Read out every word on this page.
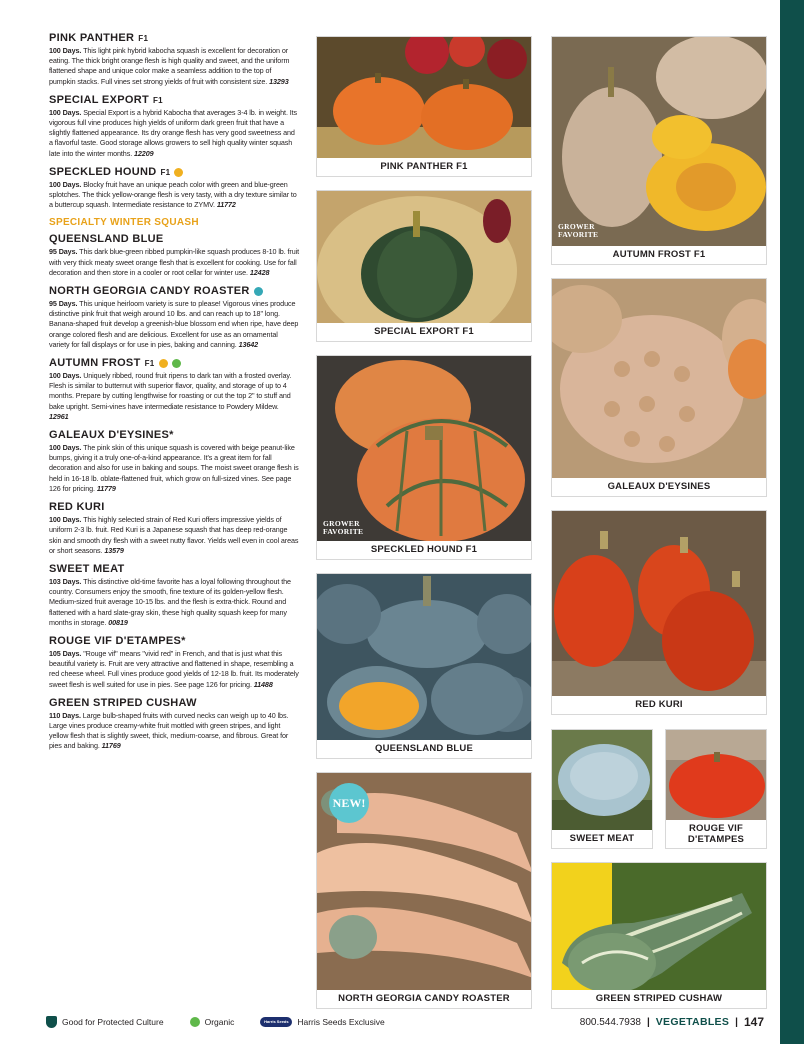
PINK PANTHER F1

100 Days. This light pink hybrid kabocha squash is excellent for decoration or eating. The thick bright orange flesh is high quality and sweet, and the uniform flattened shape and unique color make a seamless addition to the top of pumpkin stacks. Full vines set strong yields of fruit with consistent size. 13293

SPECIAL EXPORT F1

100 Days. Special Export is a hybrid Kabocha that averages 3-4 lb. in weight. Its vigorous full vine produces high yields of uniform dark green fruit that have a slightly flattened appearance. Its dry orange flesh has very good sweetness and a flavorful taste. Good storage allows growers to sell high quality winter squash late into the winter months. 12209

SPECKLED HOUND F1

100 Days. Blocky fruit have an unique peach color with green and blue-green splotches. The thick yellow-orange flesh is very tasty, with a dry texture similar to a buttercup squash. Intermediate resistance to ZYMV. 11772

SPECIALTY WINTER SQUASH
QUEENSLAND BLUE

95 Days. This dark blue-green ribbed pumpkin-like squash produces 8-10 lb. fruit with very thick meaty sweet orange flesh that is excellent for cooking. Use for fall decoration and then store in a cooler or root cellar for winter use. 12428

NORTH GEORGIA CANDY ROASTER

95 Days. This unique heirloom variety is sure to please! Vigorous vines produce distinctive pink fruit that weigh around 10 lbs. and can reach up to 18" long. Banana-shaped fruit develop a greenish-blue blossom end when ripe, have deep orange colored flesh and are delicious. Excellent for use as an ornamental variety for fall displays or for use in pies, baking and canning. 13642

AUTUMN FROST F1

100 Days. Uniquely ribbed, round fruit ripens to dark tan with a frosted overlay. Flesh is similar to butternut with superior flavor, quality, and storage of up to 4 months. Prepare by cutting lengthwise for roasting or cut the top 2" to stuff and bake upright. Semi-vines have intermediate resistance to Powdery Mildew. 12961

GALEAUX D'EYSINES*

100 Days. The pink skin of this unique squash is covered with beige peanut-like bumps, giving it a truly one-of-a-kind appearance. It's a great item for fall decoration and also for use in baking and soups. The moist sweet orange flesh is held in 16-18 lb. oblate-flattened fruit, which grow on full-sized vines. See page 126 for pricing. 11779

RED KURI

100 Days. This highly selected strain of Red Kuri offers impressive yields of uniform 2-3 lb. fruit. Red Kuri is a Japanese squash that has deep red-orange skin and smooth dry flesh with a sweet nutty flavor. Yields well even in cool areas or short seasons. 13579

SWEET MEAT

103 Days. This distinctive old-time favorite has a loyal following throughout the country. Consumers enjoy the smooth, fine texture of its golden-yellow flesh. Medium-sized fruit average 10-15 lbs. and the flesh is extra-thick. Round and flattened with a hard slate-gray skin, these high quality squash keep for many months in storage. 00819

ROUGE VIF D'ETAMPES*

105 Days. "Rouge vif" means "vivid red" in French, and that is just what this beautiful variety is. Fruit are very attractive and flattened in shape, resembling a red cheese wheel. Full vines produce good yields of 12-18 lb. fruit. Its moderately sweet flesh is well suited for use in pies. See page 126 for pricing. 11488

GREEN STRIPED CUSHAW

110 Days. Large bulb-shaped fruits with curved necks can weigh up to 40 lbs. Large vines produce creamy-white fruit mottled with green stripes, and light yellow flesh that is slightly sweet, thick, medium-coarse, and fibrous. Great for pies and baking. 11769

PINK PANTHER F1
SPECIAL EXPORT F1
GROWER
FAVORITE
SPECKLED HOUND F1
QUEENSLAND BLUE
NEW!
NORTH GEORGIA CANDY ROASTER
GROWER
FAVORITE
AUTUMN FROST F1
GALEAUX D'EYSINES
RED KURI
SWEET MEAT
ROUGE VIF
D'ETAMPES
GREEN STRIPED CUSHAW
Good for Protected Culture	Organic	Harris Seeds EXCLUSIVE
Harris Seeds Exclusive	800.544.7938 | VEGETABLES | 147
